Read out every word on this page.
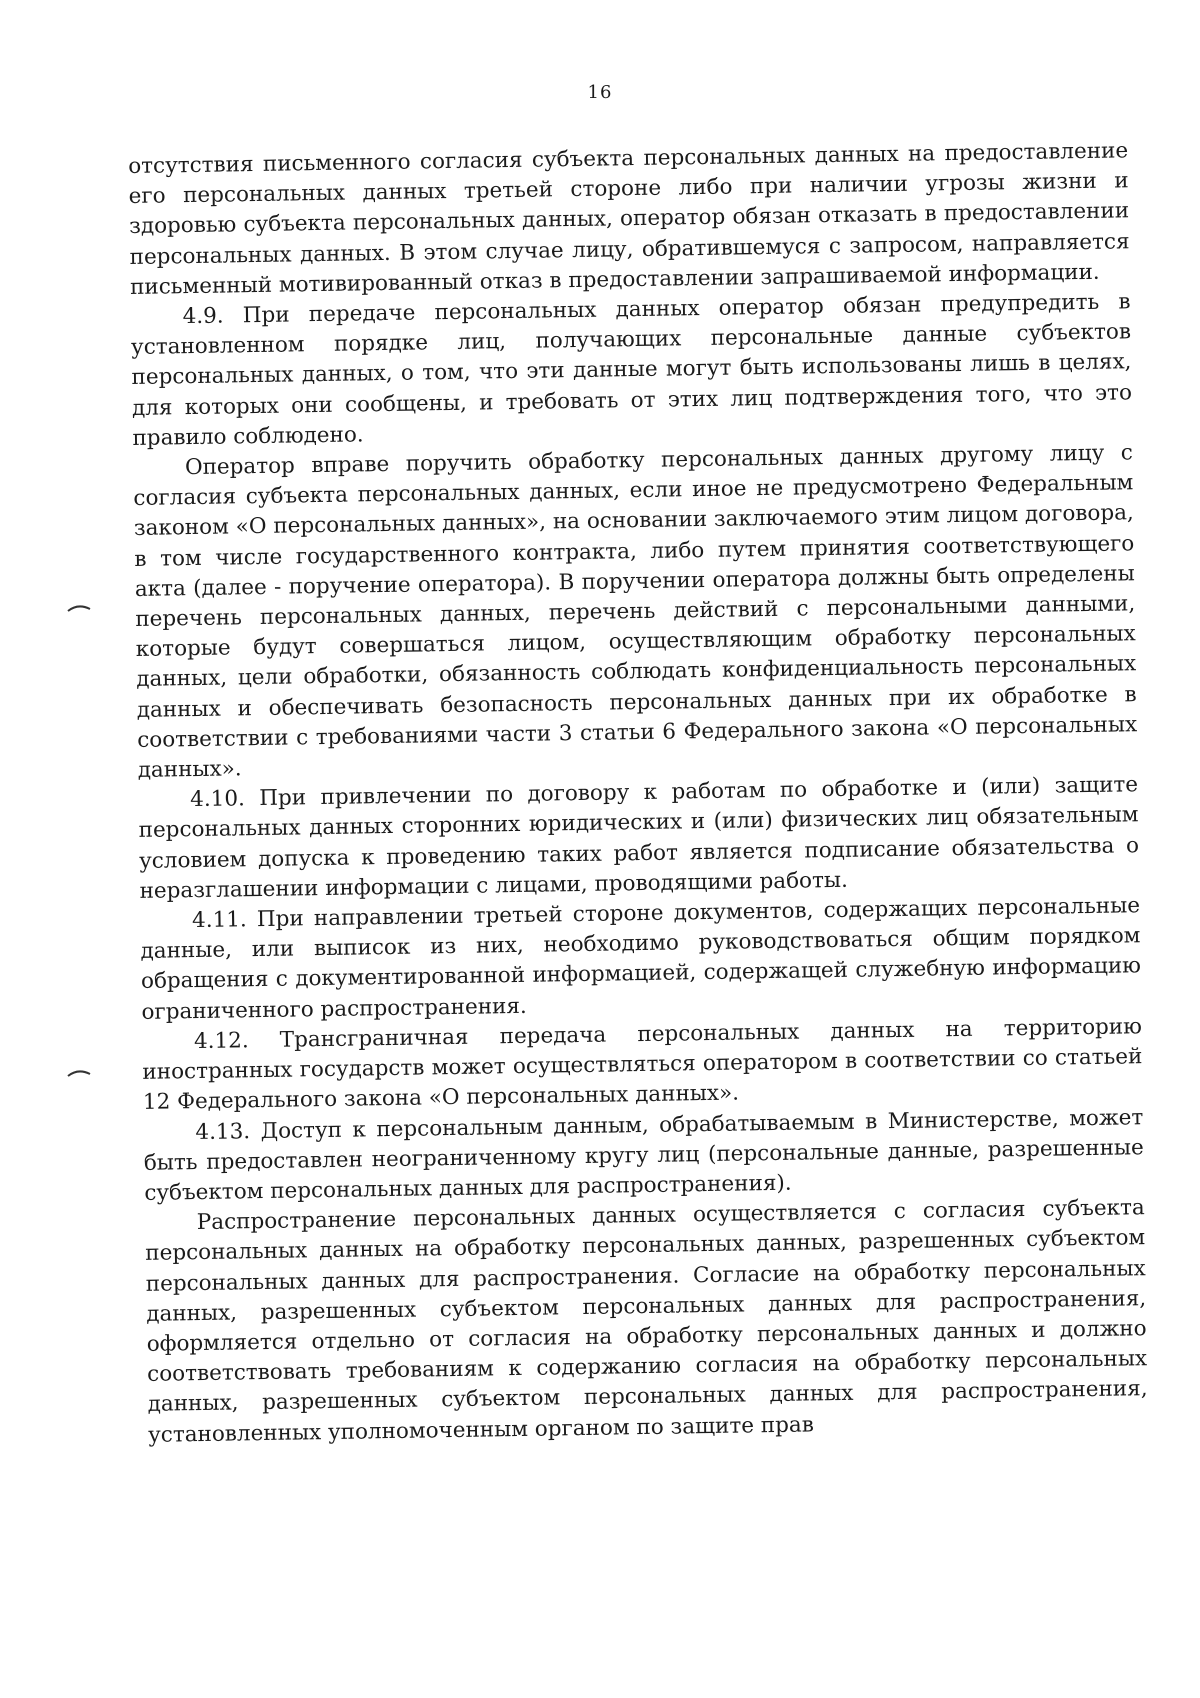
16

отсутствия письменного согласия субъекта персональных данных на предоставление его персональных данных третьей стороне либо при наличии угрозы жизни и здоровью субъекта персональных данных, оператор обязан отказать в предоставлении персональных данных. В этом случае лицу, обратившемуся с запросом, направляется письменный мотивированный отказ в предоставлении запрашиваемой информации.

4.9. При передаче персональных данных оператор обязан предупредить в установленном порядке лиц, получающих персональные данные субъектов персональных данных, о том, что эти данные могут быть использованы лишь в целях, для которых они сообщены, и требовать от этих лиц подтверждения того, что это правило соблюдено.

Оператор вправе поручить обработку персональных данных другому лицу с согласия субъекта персональных данных, если иное не предусмотрено Федеральным законом «О персональных данных», на основании заключаемого этим лицом договора, в том числе государственного контракта, либо путем принятия соответствующего акта (далее - поручение оператора). В поручении оператора должны быть определены перечень персональных данных, перечень действий с персональными данными, которые будут совершаться лицом, осуществляющим обработку персональных данных, цели обработки, обязанность соблюдать конфиденциальность персональных данных и обеспечивать безопасность персональных данных при их обработке в соответствии с требованиями части 3 статьи 6 Федерального закона «О персональных данных».

4.10. При привлечении по договору к работам по обработке и (или) защите персональных данных сторонних юридических и (или) физических лиц обязательным условием допуска к проведению таких работ является подписание обязательства о неразглашении информации с лицами, проводящими работы.

4.11. При направлении третьей стороне документов, содержащих персональные данные, или выписок из них, необходимо руководствоваться общим порядком обращения с документированной информацией, содержащей служебную информацию ограниченного распространения.

4.12. Трансграничная передача персональных данных на территорию иностранных государств может осуществляться оператором в соответствии со статьей 12 Федерального закона «О персональных данных».

4.13. Доступ к персональным данным, обрабатываемым в Министерстве, может быть предоставлен неограниченному кругу лиц (персональные данные, разрешенные субъектом персональных данных для распространения).

Распространение персональных данных осуществляется с согласия субъекта персональных данных на обработку персональных данных, разрешенных субъектом персональных данных для распространения. Согласие на обработку персональных данных, разрешенных субъектом персональных данных для распространения, оформляется отдельно от согласия на обработку персональных данных и должно соответствовать требованиям к содержанию согласия на обработку персональных данных, разрешенных субъектом персональных данных для распространения, установленных уполномоченным органом по защите прав
